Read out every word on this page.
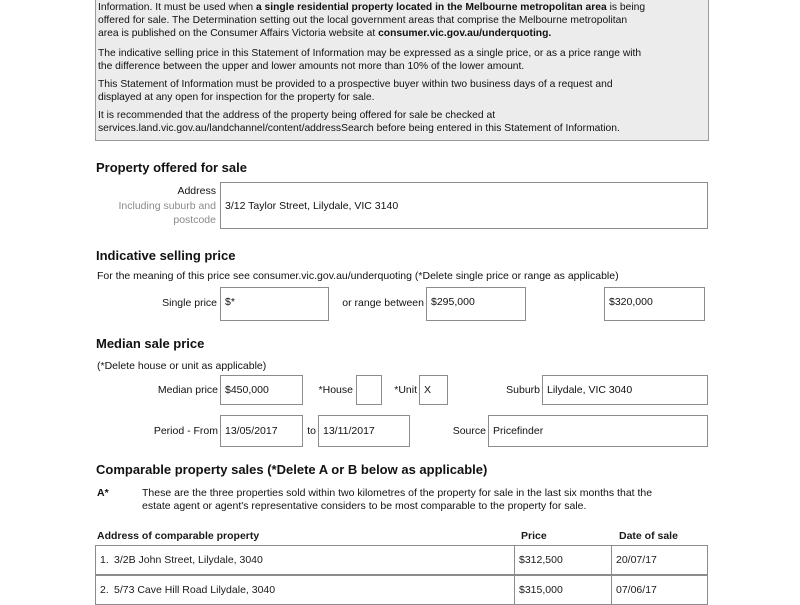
Information. It must be used when a single residential property located in the Melbourne metropolitan area is being
offered for sale. The Determination setting out the local government areas that comprise the Melbourne metropolitan
area is published on the Consumer Affairs Victoria website at consumer.vic.gov.au/underquoting.
The indicative selling price in this Statement of Information may be expressed as a single price, or as a price range with
the difference between the upper and lower amounts not more than 10% of the lower amount.
This Statement of Information must be provided to a prospective buyer within two business days of a request and
displayed at any open for inspection for the property for sale.
It is recommended that the address of the property being offered for sale be checked at
services.land.vic.gov.au/landchannel/content/addressSearch before being entered in this Statement of Information.
Property offered for sale
Address
Including suburb and
postcode
3/12 Taylor Street, Lilydale, VIC 3140
Indicative selling price
For the meaning of this price see consumer.vic.gov.au/underquoting (*Delete single price or range as applicable)
Single price $*	or range between $295,000	$320,000
Median sale price
(*Delete house or unit as applicable)
Median price $450,000	*House	*Unit X	Suburb Lilydale, VIC 3040
Period - From 13/05/2017	to 13/11/2017	Source Pricefinder
Comparable property sales (*Delete A or B below as applicable)
A*	These are the three properties sold within two kilometres of the property for sale in the last six months that the
estate agent or agent's representative considers to be most comparable to the property for sale.
Address of comparable property	Price	Date of sale
1. 3/2B John Street, Lilydale, 3040	$312,500	20/07/17
2. 5/73 Cave Hill Road Lilydale, 3040	$315,000	07/06/17
